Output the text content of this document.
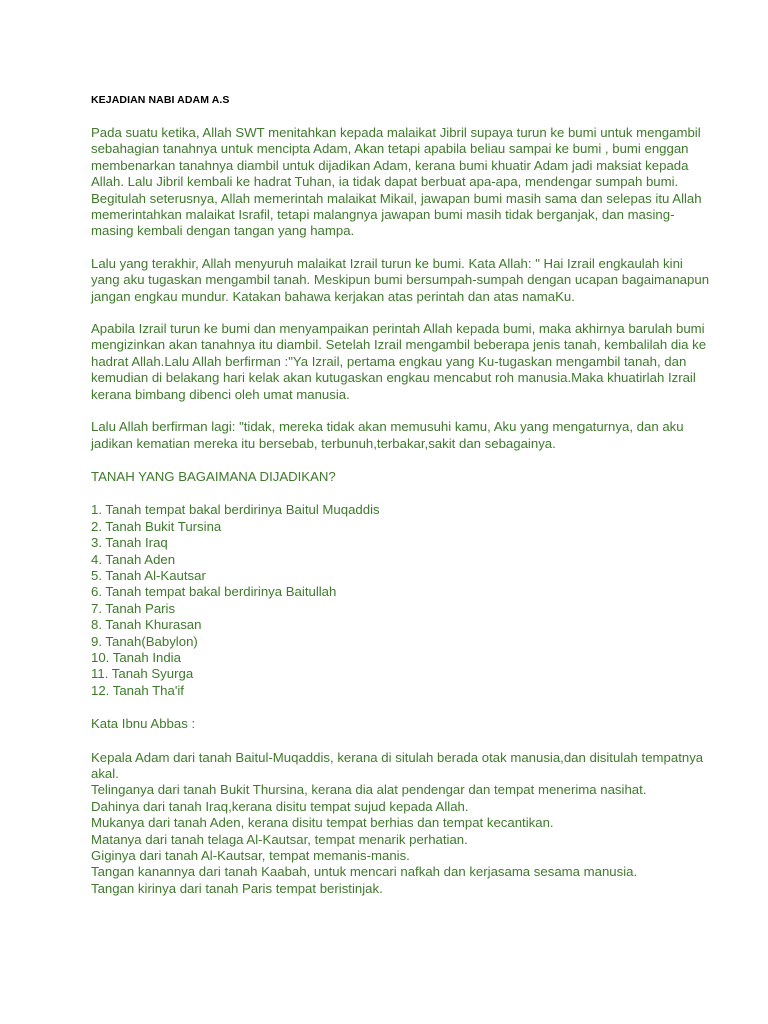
KEJADIAN NABI ADAM A.S

Pada suatu ketika, Allah SWT menitahkan kepada malaikat Jibril supaya turun ke bumi untuk mengambil sebahagian tanahnya untuk mencipta Adam, Akan tetapi apabila beliau sampai ke bumi , bumi enggan membenarkan tanahnya diambil untuk dijadikan Adam, kerana bumi khuatir Adam jadi maksiat kepada Allah. Lalu Jibril kembali ke hadrat Tuhan, ia tidak dapat berbuat apa-apa, mendengar sumpah bumi. Begitulah seterusnya, Allah memerintah malaikat Mikail, jawapan bumi masih sama dan selepas itu Allah memerintahkan malaikat Israfil, tetapi malangnya jawapan bumi masih tidak berganjak, dan masing-masing kembali dengan tangan yang hampa.

Lalu yang terakhir, Allah menyuruh malaikat Izrail turun ke bumi. Kata Allah: " Hai Izrail engkaulah kini yang aku tugaskan mengambil tanah. Meskipun bumi bersumpah-sumpah dengan ucapan bagaimanapun jangan engkau mundur. Katakan bahawa kerjakan atas perintah dan atas namaKu.

Apabila Izrail turun ke bumi dan menyampaikan perintah Allah kepada bumi, maka akhirnya barulah bumi mengizinkan akan tanahnya itu diambil. Setelah Izrail mengambil beberapa jenis tanah, kembalilah dia ke hadrat Allah.Lalu Allah berfirman :"Ya Izrail, pertama engkau yang Ku-tugaskan mengambil tanah, dan kemudian di belakang hari kelak akan kutugaskan engkau mencabut roh manusia.Maka khuatirlah Izrail kerana bimbang dibenci oleh umat manusia.

Lalu Allah berfirman lagi: "tidak, mereka tidak akan memusuhi kamu, Aku yang mengaturnya, dan aku jadikan kematian mereka itu bersebab, terbunuh,terbakar,sakit dan sebagainya.

TANAH YANG BAGAIMANA DIJADIKAN?

1. Tanah tempat bakal berdirinya Baitul Muqaddis
2. Tanah Bukit Tursina
3. Tanah Iraq
4. Tanah Aden
5. Tanah Al-Kautsar
6. Tanah tempat bakal berdirinya Baitullah
7. Tanah Paris
8. Tanah Khurasan
9. Tanah(Babylon)
10. Tanah India
11. Tanah Syurga
12. Tanah Tha'if

Kata Ibnu Abbas :

Kepala Adam dari tanah Baitul-Muqaddis, kerana di situlah berada otak manusia,dan disitulah tempatnya akal.

Telinganya dari tanah Bukit Thursina, kerana dia alat pendengar dan tempat menerima nasihat.

Dahinya dari tanah Iraq,kerana disitu tempat sujud kepada Allah.

Mukanya dari tanah Aden, kerana disitu tempat berhias dan tempat kecantikan.

Matanya dari tanah telaga Al-Kautsar, tempat menarik perhatian.

Giginya dari tanah Al-Kautsar, tempat memanis-manis.

Tangan kanannya dari tanah Kaabah, untuk mencari nafkah dan kerjasama sesama manusia.

Tangan kirinya dari tanah Paris tempat beristinjak.
